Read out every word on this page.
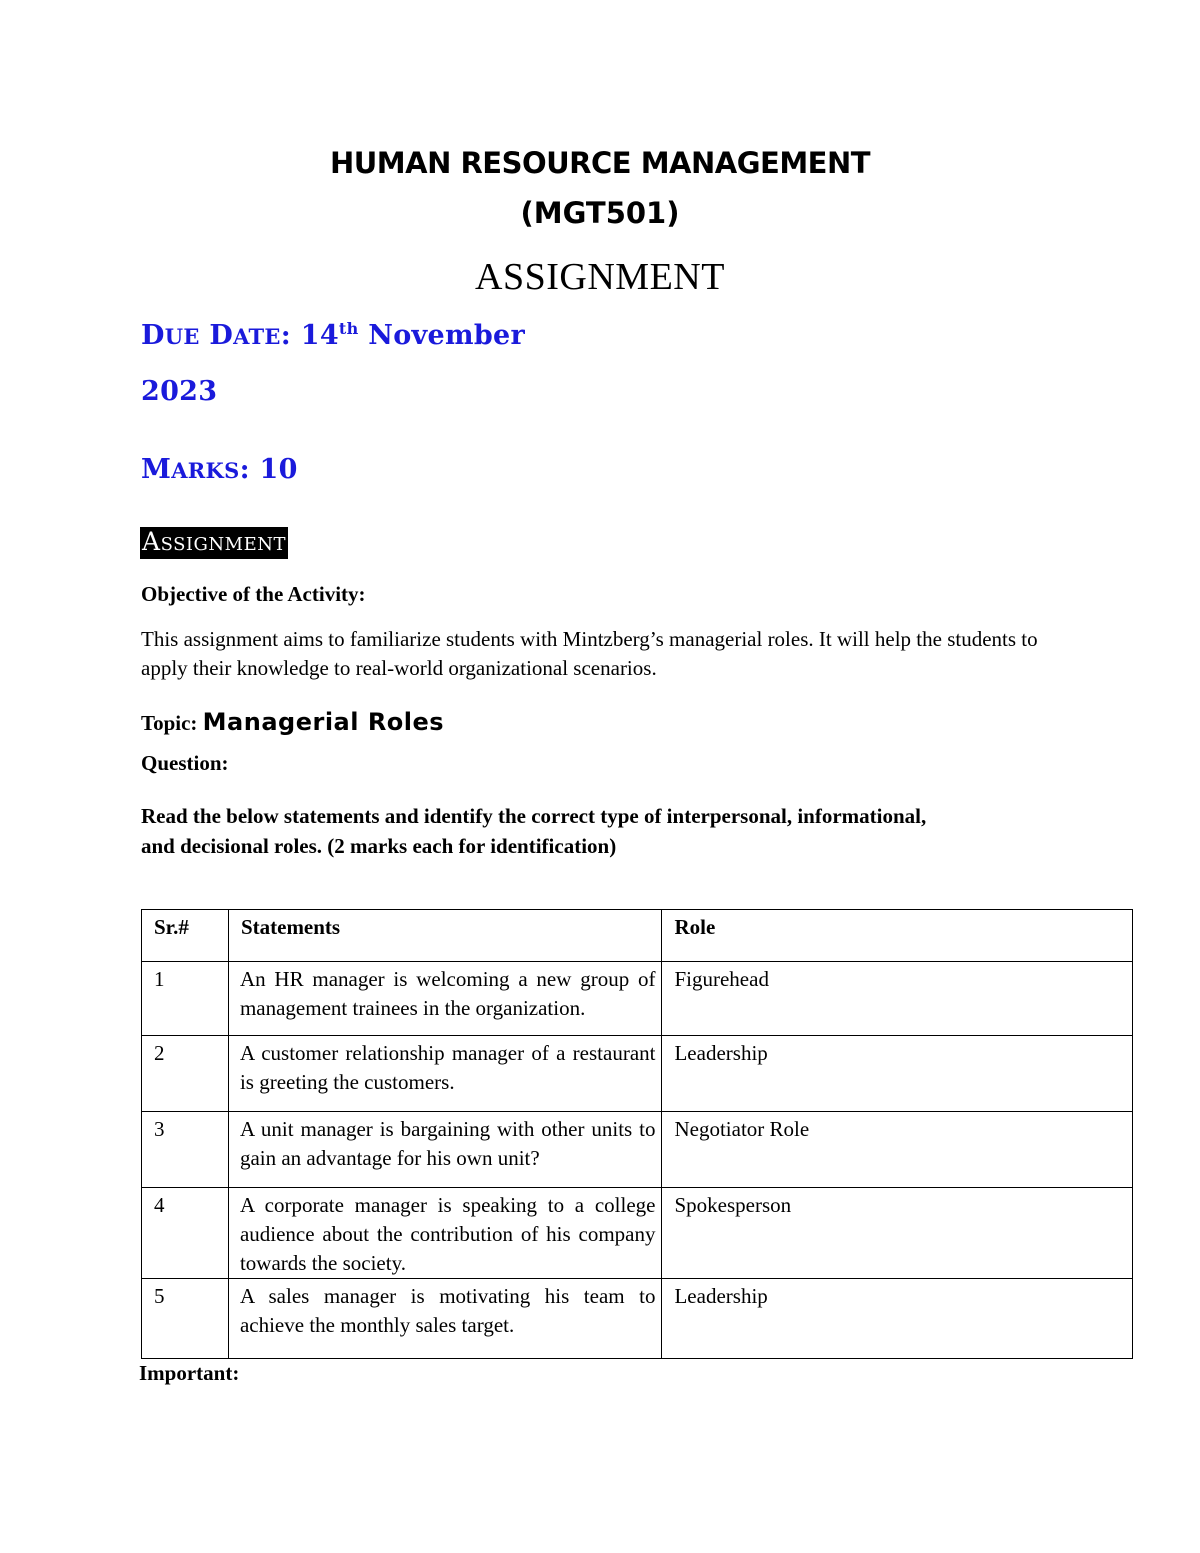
HUMAN RESOURCE MANAGEMENT
(MGT501)
ASSIGNMENT
DUE DATE: 14th November
2023
MARKS: 10
ASSIGNMENT
Objective of the Activity:
This assignment aims to familiarize students with Mintzberg’s managerial roles. It will help the students to apply their knowledge to real-world organizational scenarios.
Topic: Managerial Roles
Question:
Read the below statements and identify the correct type of interpersonal, informational,
and decisional roles. (2 marks each for identification)
Sr.#	Statements	Role
1	An HR manager is welcoming a new group of management trainees in the organization.	Figurehead
2	A customer relationship manager of a restaurant is greeting the customers.	Leadership
3	A unit manager is bargaining with other units to gain an advantage for his own unit?	Negotiator Role
4	A corporate manager is speaking to a college audience about the contribution of his company towards the society.	Spokesperson
5	A sales manager is motivating his team to achieve the monthly sales target.	Leadership
Important:
